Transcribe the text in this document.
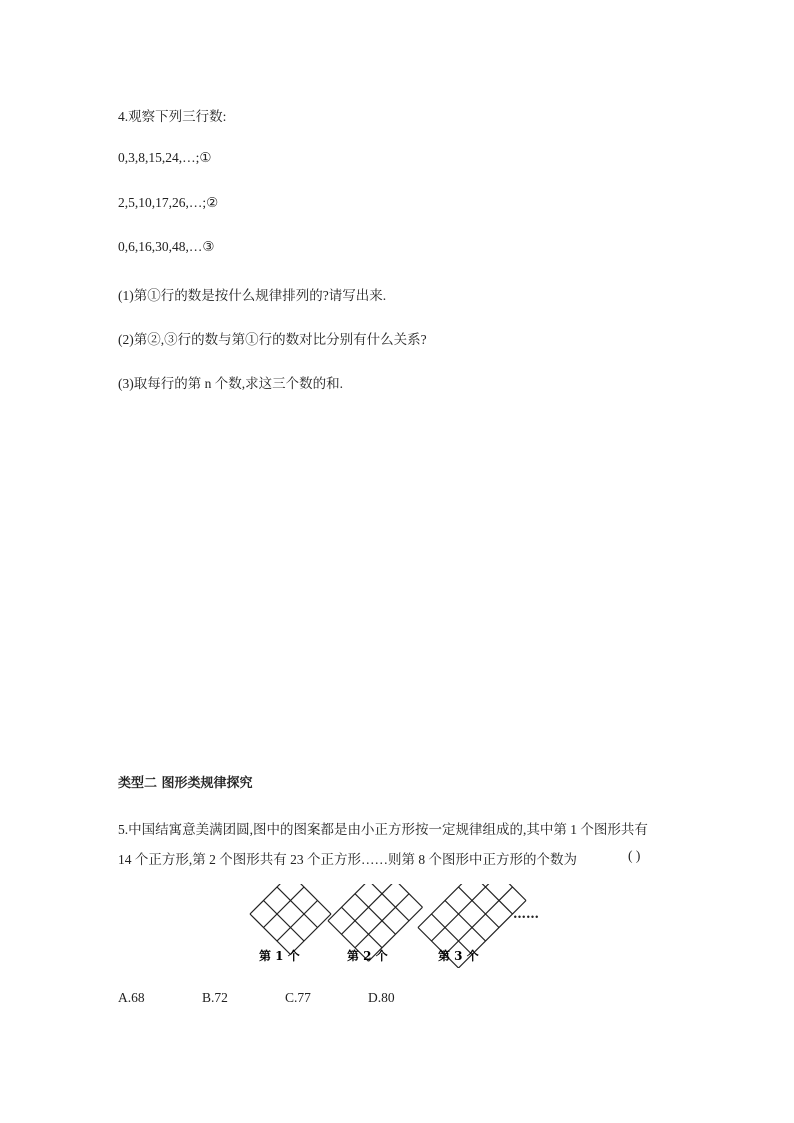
4.观察下列三行数:
0,3,8,15,24,…;①
2,5,10,17,26,…;②
0,6,16,30,48,…③
(1)第①行的数是按什么规律排列的?请写出来.
(2)第②,③行的数与第①行的数对比分别有什么关系?
(3)取每行的第 n 个数,求这三个数的和.
类型二 图形类规律探究
5.中国结寓意美满团圆,图中的图案都是由小正方形按一定规律组成的,其中第 1 个图形共有
14 个正方形,第 2 个图形共有 23 个正方形……则第 8 个图形中正方形的个数为	( )
……
第 1 个	第 2 个	第 3 个
A.68	B.72	C.77	D.80
